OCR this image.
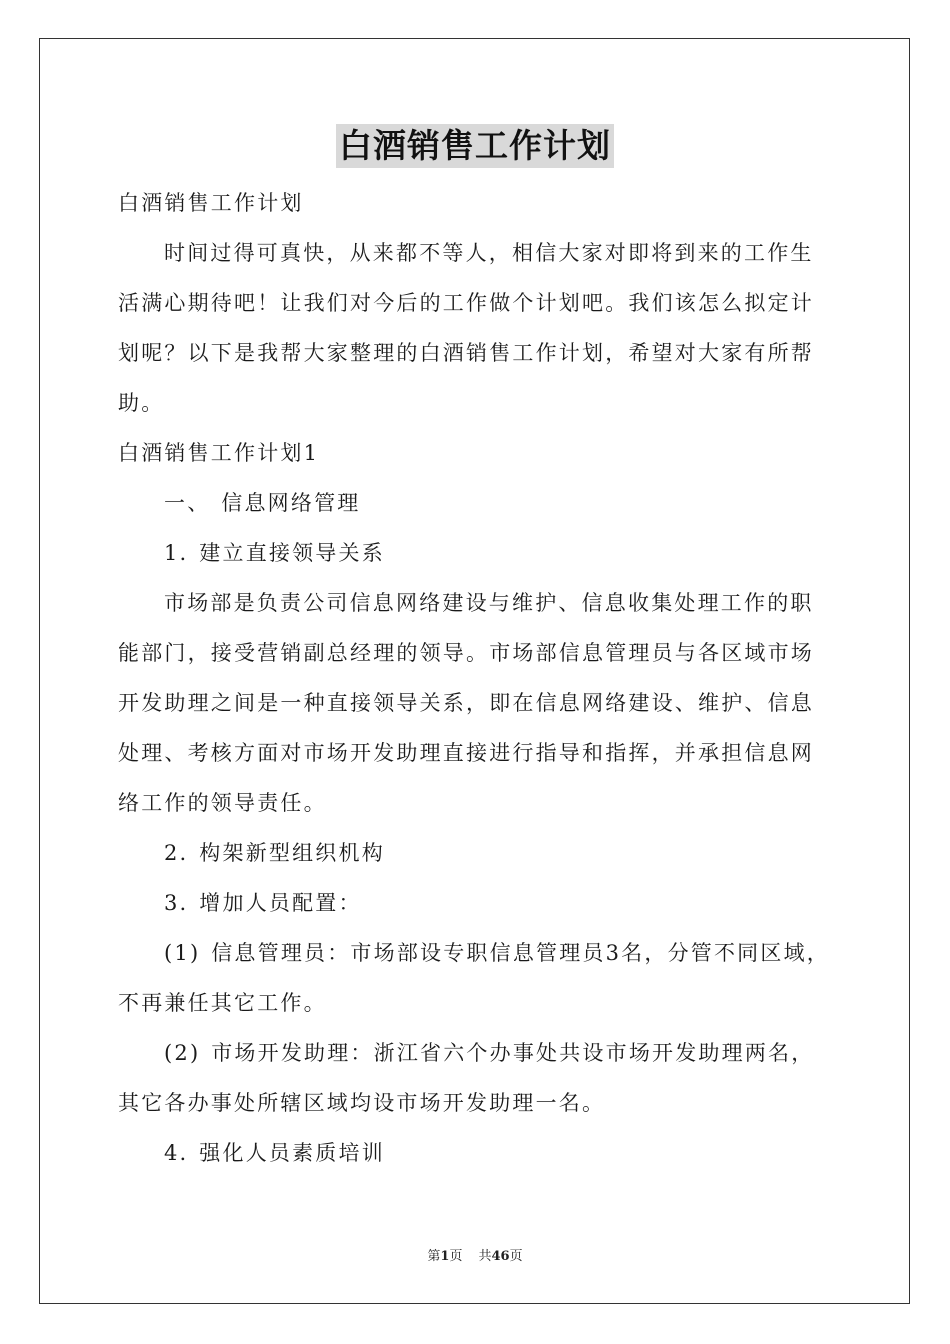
白酒销售工作计划
白酒销售工作计划
时间过得可真快，从来都不等人，相信大家对即将到来的工作生
活满心期待吧！让我们对今后的工作做个计划吧。我们该怎么拟定计
划呢？以下是我帮大家整理的白酒销售工作计划，希望对大家有所帮
助。
白酒销售工作计划1
一、 信息网络管理
1. 建立直接领导关系
市场部是负责公司信息网络建设与维护、信息收集处理工作的职
能部门，接受营销副总经理的领导。市场部信息管理员与各区域市场
开发助理之间是一种直接领导关系，即在信息网络建设、维护、信息
处理、考核方面对市场开发助理直接进行指导和指挥，并承担信息网
络工作的领导责任。
2. 构架新型组织机构
3. 增加人员配置：
(1) 信息管理员：市场部设专职信息管理员3名，分管不同区域，
不再兼任其它工作。
(2) 市场开发助理：浙江省六个办事处共设市场开发助理两名，
其它各办事处所辖区域均设市场开发助理一名。
4. 强化人员素质培训
第1页 共46页
